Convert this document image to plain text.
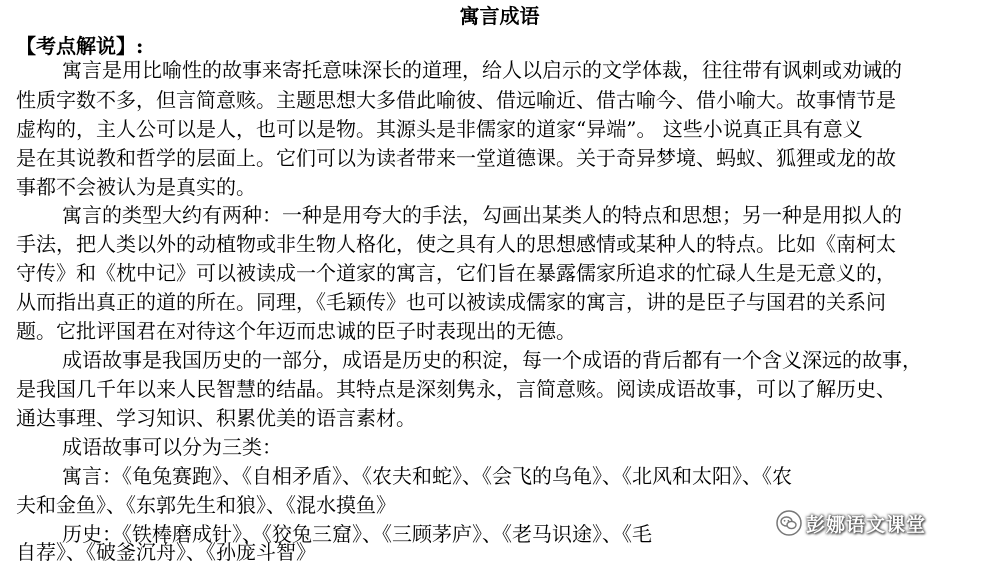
寓言成语
【考点解说】:
寓言是用比喻性的故事来寄托意味深长的道理，给人以启示的文学体裁，往往带有讽刺或劝诫的
性质字数不多，但言简意赅。主题思想大多借此喻彼、借远喻近、借古喻今、借小喻大。故事情节是
虚构的，主人公可以是人，也可以是物。其源头是非儒家的道家“异端”。 这些小说真正具有意义
是在其说教和哲学的层面上。它们可以为读者带来一堂道德课。关于奇异梦境、蚂蚁、狐狸或龙的故
事都不会被认为是真实的。
寓言的类型大约有两种：一种是用夸大的手法，勾画出某类人的特点和思想；另一种是用拟人的
手法，把人类以外的动植物或非生物人格化，使之具有人的思想感情或某种人的特点。比如《南柯太
守传》和《枕中记》可以被读成一个道家的寓言，它们旨在暴露儒家所追求的忙碌人生是无意义的，
从而指出真正的道的所在。同理，《毛颖传》也可以被读成儒家的寓言，讲的是臣子与国君的关系问
题。它批评国君在对待这个年迈而忠诚的臣子时表现出的无德。
成语故事是我国历史的一部分，成语是历史的积淀，每一个成语的背后都有一个含义深远的故事，
是我国几千年以来人民智慧的结晶。其特点是深刻隽永，言简意赅。阅读成语故事，可以了解历史、
通达事理、学习知识、积累优美的语言素材。
成语故事可以分为三类：
寓言：《龟兔赛跑》、《自相矛盾》、《农夫和蛇》、《会飞的乌龟》、《北风和太阳》、《农
夫和金鱼》、《东郭先生和狼》、《混水摸鱼》
历史：《铁棒磨成针》、《狡兔三窟》、《三顾茅庐》、《老马识途》、《毛
自荐》、《破釜沉舟》、《孙庞斗智》
彭娜语文课堂
